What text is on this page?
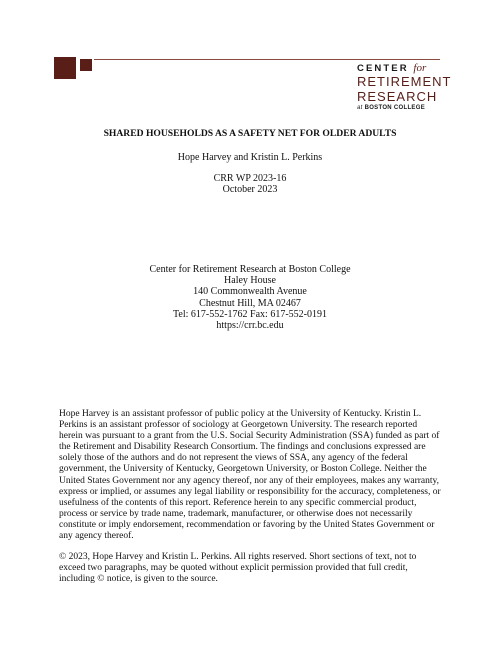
CENTER for
RETIREMENT
RESEARCH
at BOSTON COLLEGE
SHARED HOUSEHOLDS AS A SAFETY NET FOR OLDER ADULTS
Hope Harvey and Kristin L. Perkins
CRR WP 2023-16
October 2023
Center for Retirement Research at Boston College
Haley House
140 Commonwealth Avenue
Chestnut Hill, MA 02467
Tel: 617-552-1762 Fax: 617-552-0191
https://crr.bc.edu
Hope Harvey is an assistant professor of public policy at the University of Kentucky. Kristin L. Perkins is an assistant professor of sociology at Georgetown University. The research reported herein was pursuant to a grant from the U.S. Social Security Administration (SSA) funded as part of the Retirement and Disability Research Consortium. The findings and conclusions expressed are solely those of the authors and do not represent the views of SSA, any agency of the federal government, the University of Kentucky, Georgetown University, or Boston College. Neither the United States Government nor any agency thereof, nor any of their employees, makes any warranty, express or implied, or assumes any legal liability or responsibility for the accuracy, completeness, or usefulness of the contents of this report. Reference herein to any specific commercial product, process or service by trade name, trademark, manufacturer, or otherwise does not necessarily constitute or imply endorsement, recommendation or favoring by the United States Government or any agency thereof.
© 2023, Hope Harvey and Kristin L. Perkins. All rights reserved. Short sections of text, not to exceed two paragraphs, may be quoted without explicit permission provided that full credit, including © notice, is given to the source.
